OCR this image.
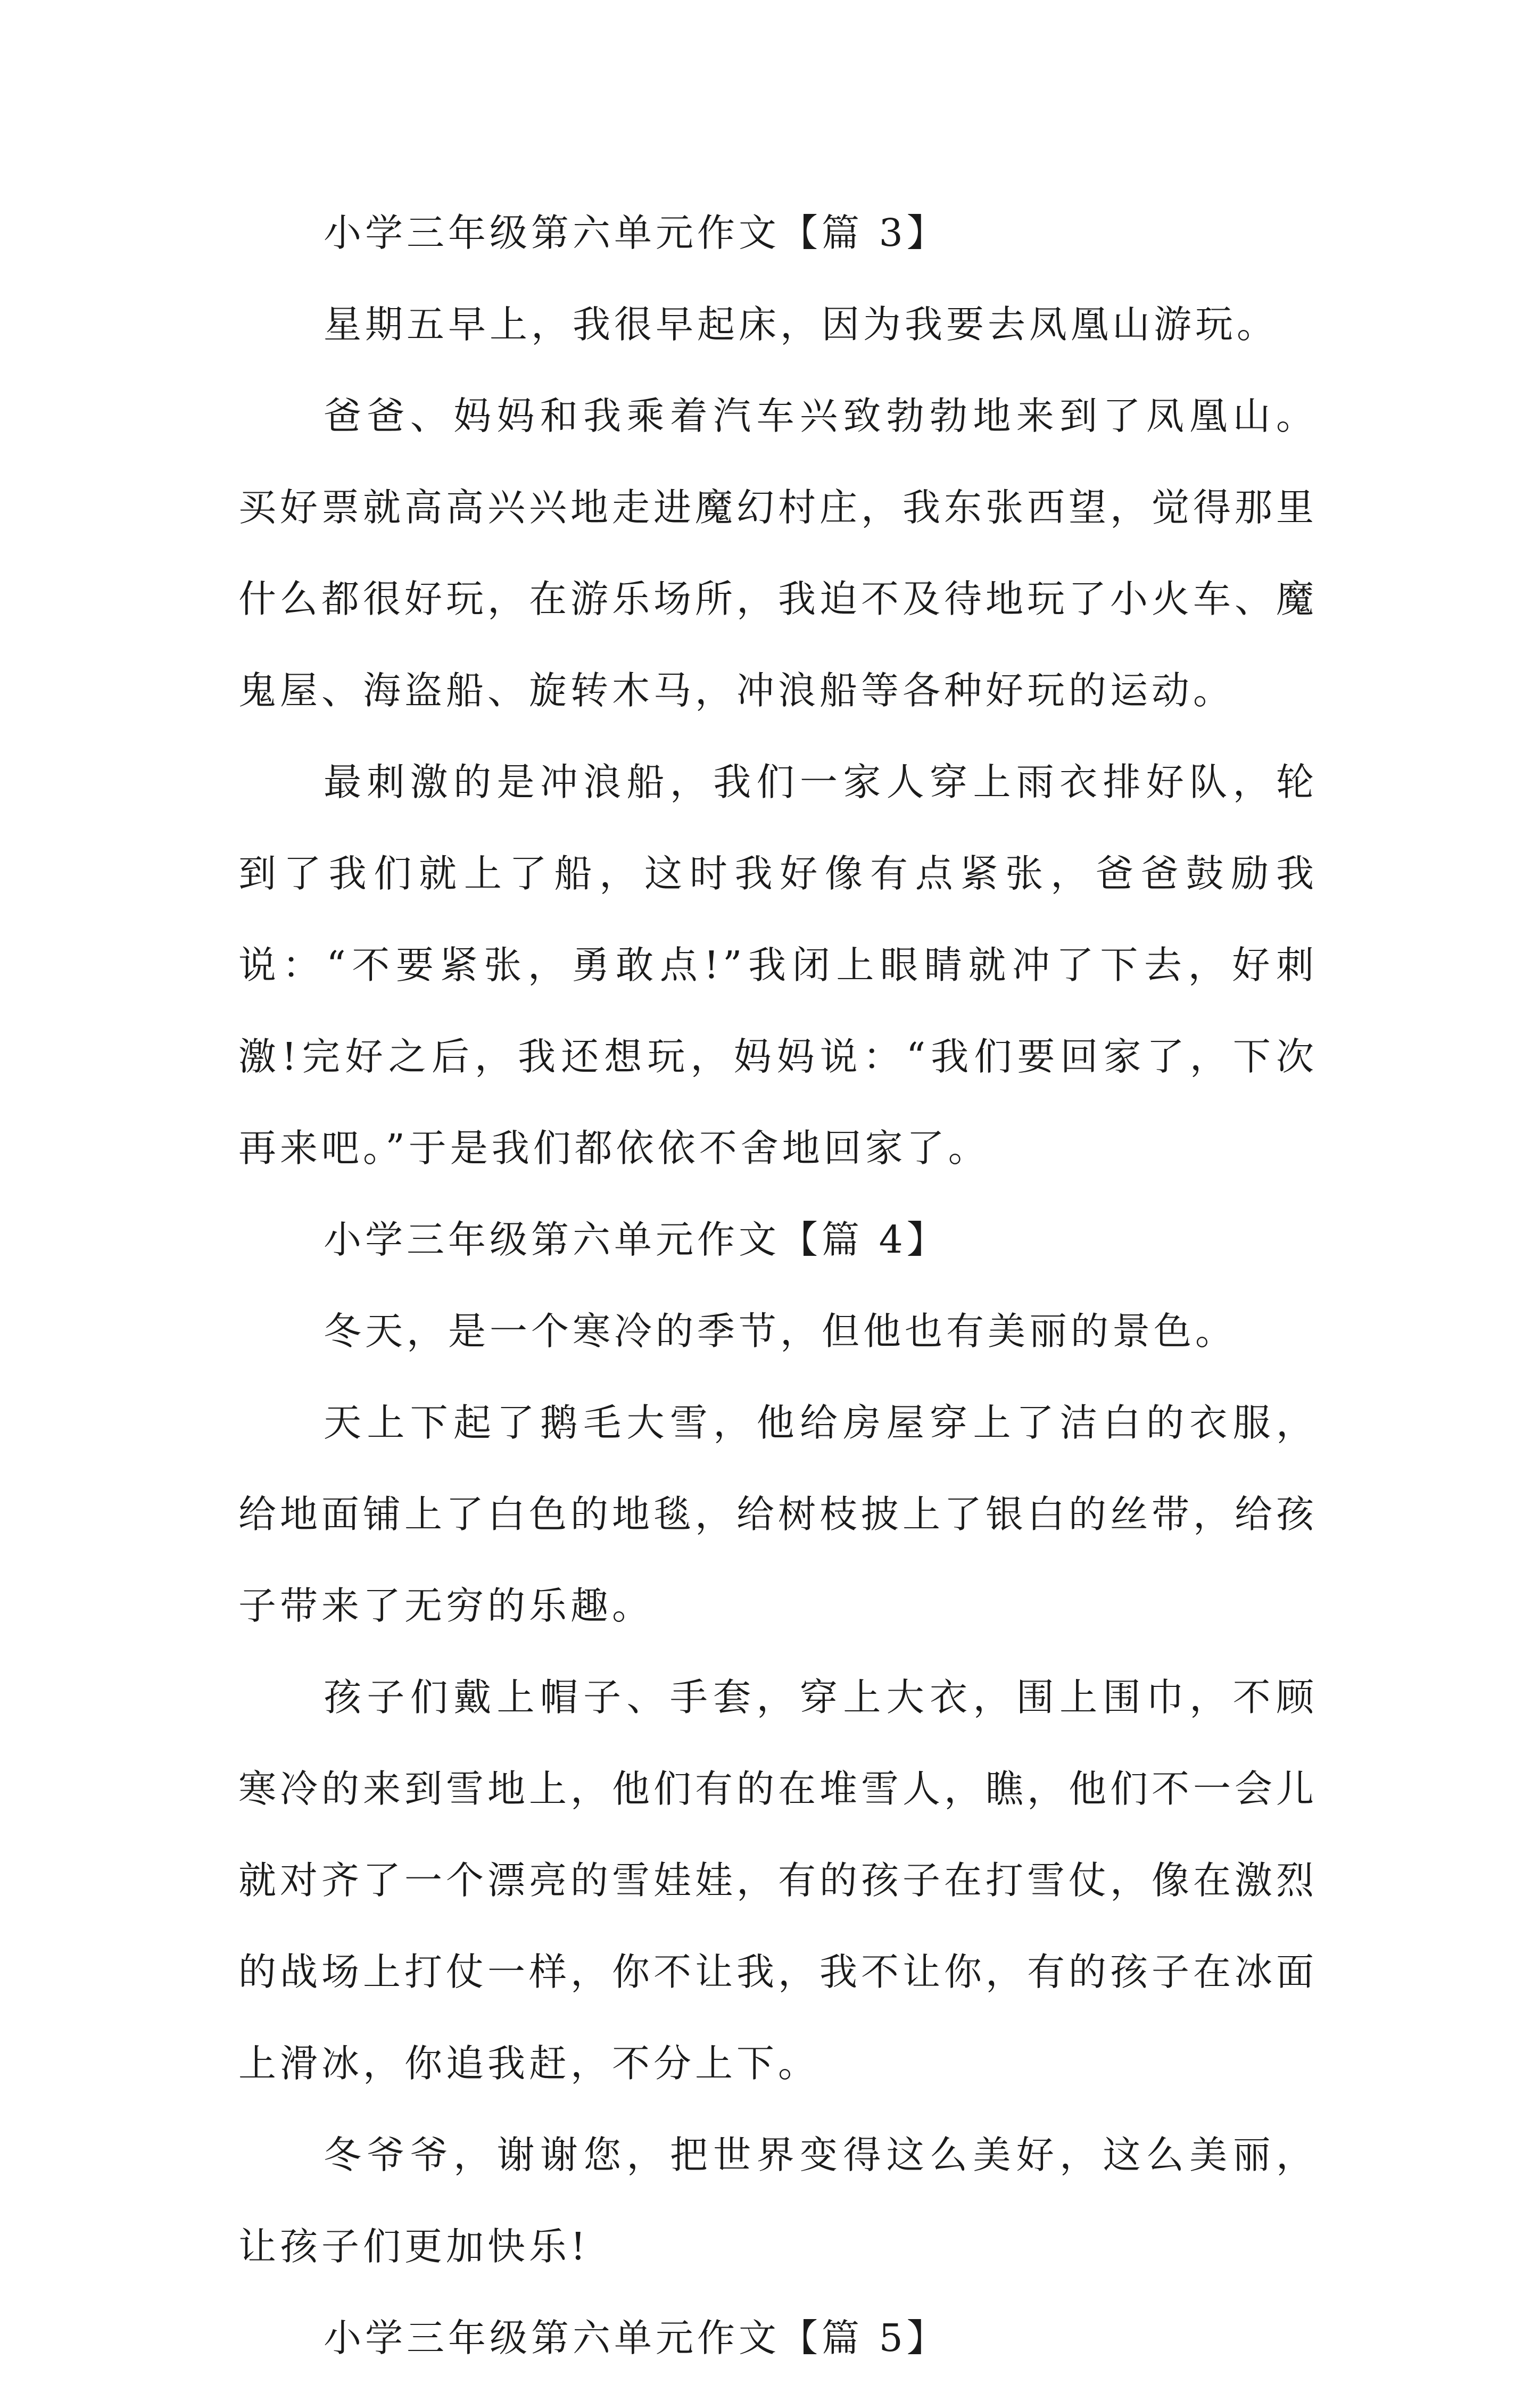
小学三年级第六单元作文【篇 3】

星期五早上，我很早起床，因为我要去凤凰山游玩。

爸爸、妈妈和我乘着汽车兴致勃勃地来到了凤凰山。买好票就高高兴兴地走进魔幻村庄，我东张西望，觉得那里什么都很好玩，在游乐场所，我迫不及待地玩了小火车、魔鬼屋、海盗船、旋转木马，冲浪船等各种好玩的运动。

最刺激的是冲浪船，我们一家人穿上雨衣排好队，轮到了我们就上了船，这时我好像有点紧张，爸爸鼓励我说：“不要紧张，勇敢点!”我闭上眼睛就冲了下去，好刺激!完好之后，我还想玩，妈妈说：“我们要回家了，下次再来吧。”于是我们都依依不舍地回家了。

小学三年级第六单元作文【篇 4】

冬天，是一个寒冷的季节，但他也有美丽的景色。

天上下起了鹅毛大雪，他给房屋穿上了洁白的衣服，给地面铺上了白色的地毯，给树枝披上了银白的丝带，给孩子带来了无穷的乐趣。

孩子们戴上帽子、手套，穿上大衣，围上围巾，不顾寒冷的来到雪地上，他们有的在堆雪人，瞧，他们不一会儿就对齐了一个漂亮的雪娃娃，有的孩子在打雪仗，像在激烈的战场上打仗一样，你不让我，我不让你，有的孩子在冰面上滑冰，你追我赶，不分上下。

冬爷爷，谢谢您，把世界变得这么美好，这么美丽，让孩子们更加快乐!

小学三年级第六单元作文【篇 5】
